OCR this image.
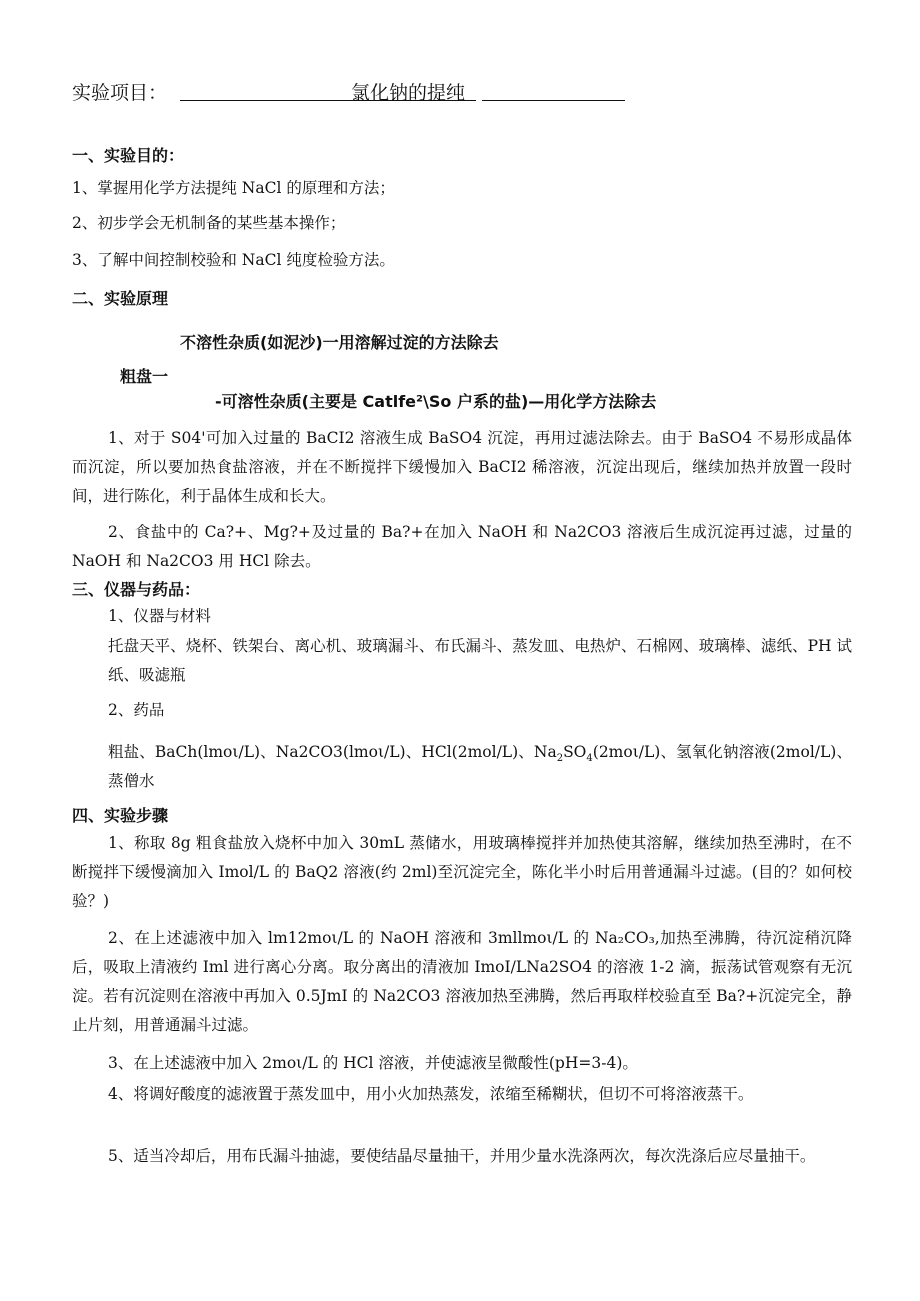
实验项目：	氯化钠的提纯
一、实验目的：
1、掌握用化学方法提纯 NaCl 的原理和方法；
2、初步学会无机制备的某些基本操作；
3、了解中间控制校验和 NaCl 纯度检验方法。
二、实验原理
不溶性杂质(如泥沙)一用溶解过淀的方法除去
粗盘一
-可溶性杂质(主要是 Catlfe²\So 户系的盐)—用化学方法除去
1、对于 S04'可加入过量的 BaCI2 溶液生成 BaSO4 沉淀，再用过滤法除去。由于 BaSO4 不易形成晶体而沉淀，所以要加热食盐溶液，并在不断搅拌下缓慢加入 BaCI2 稀溶液，沉淀出现后，继续加热并放置一段时间，进行陈化，利于晶体生成和长大。
2、食盐中的 Ca?+、Mg?+及过量的 Ba?+在加入 NaOH 和 Na2CO3 溶液后生成沉淀再过滤，过量的 NaOH 和 Na2CO3 用 HCl 除去。
三、仪器与药品：
1、仪器与材料
托盘天平、烧杯、铁架台、离心机、玻璃漏斗、布氏漏斗、蒸发皿、电热炉、石棉网、玻璃棒、滤纸、PH 试纸、吸滤瓶
2、药品
粗盐、BaCh(lmoι/L)、Na2CO3(lmoι/L)、HCl(2mol/L)、$Na_2SO_4(2mo\iota/L)$、氢氧化钠溶液(2mol/L)、蒸僧水
四、实验步骤
1、称取 8g 粗食盐放入烧杯中加入 30mL 蒸储水，用玻璃棒搅拌并加热使其溶解，继续加热至沸时，在不断搅拌下缓慢滴加入 Imol/L 的 BaQ2 溶液(约 2ml)至沉淀完全，陈化半小时后用普通漏斗过滤。(目的？如何校验？)
2、在上述滤液中加入 lm12moι/L 的 NaOH 溶液和 3mllmoι/L 的 Na₂CO₃,加热至沸腾，待沉淀稍沉降后，吸取上清液约 Iml 进行离心分离。取分离出的清液加 ImoI/LNa2SO4 的溶液 1-2 滴，振荡试管观察有无沉淀。若有沉淀则在溶液中再加入 0.5JmI 的 Na2CO3 溶液加热至沸腾，然后再取样校验直至 Ba?+沉淀完全，静止片刻，用普通漏斗过滤。
3、在上述滤液中加入 2moι/L 的 HCl 溶液，并使滤液呈微酸性(pH=3-4)。
4、将调好酸度的滤液置于蒸发皿中，用小火加热蒸发，浓缩至稀糊状，但切不可将溶液蒸干。
5、适当冷却后，用布氏漏斗抽滤，要使结晶尽量抽干，并用少量水洗涤两次，每次洗涤后应尽量抽干。
